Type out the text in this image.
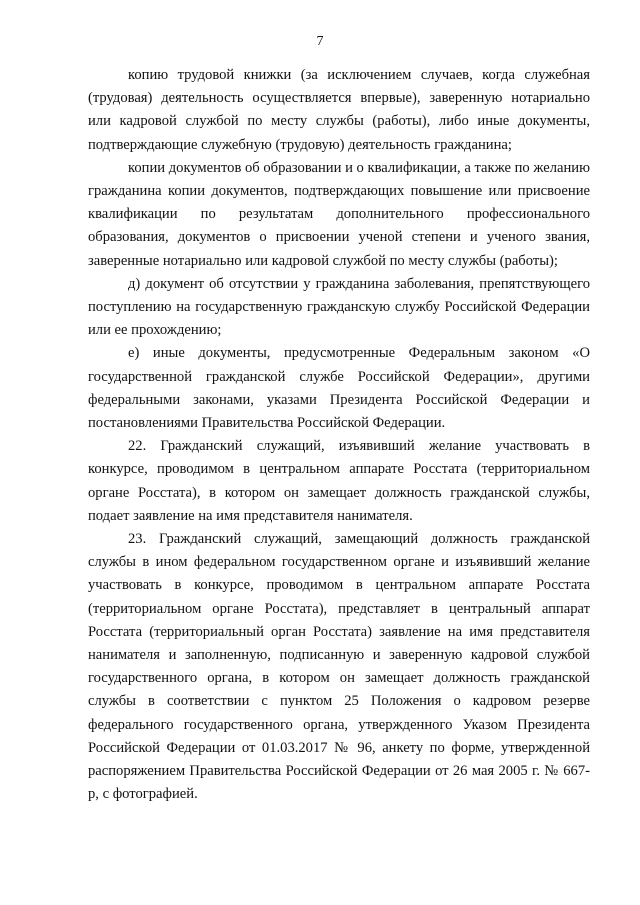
7

копию трудовой книжки (за исключением случаев, когда служебная (трудовая) деятельность осуществляется впервые), заверенную нотариально или кадровой службой по месту службы (работы), либо иные документы, подтверждающие служебную (трудовую) деятельность гражданина;

копии документов об образовании и о квалификации, а также по желанию гражданина копии документов, подтверждающих повышение или присвоение квалификации по результатам дополнительного профессионального образования, документов о присвоении ученой степени и ученого звания, заверенные нотариально или кадровой службой по месту службы (работы);

д) документ об отсутствии у гражданина заболевания, препятствующего поступлению на государственную гражданскую службу Российской Федерации или ее прохождению;

е) иные документы, предусмотренные Федеральным законом «О государственной гражданской службе Российской Федерации», другими федеральными законами, указами Президента Российской Федерации и постановлениями Правительства Российской Федерации.

22. Гражданский служащий, изъявивший желание участвовать в конкурсе, проводимом в центральном аппарате Росстата (территориальном органе Росстата), в котором он замещает должность гражданской службы, подает заявление на имя представителя нанимателя.

23. Гражданский служащий, замещающий должность гражданской службы в ином федеральном государственном органе и изъявивший желание участвовать в конкурсе, проводимом в центральном аппарате Росстата (территориальном органе Росстата), представляет в центральный аппарат Росстата (территориальный орган Росстата) заявление на имя представителя нанимателя и заполненную, подписанную и заверенную кадровой службой государственного органа, в котором он замещает должность гражданской службы в соответствии с пунктом 25 Положения о кадровом резерве федерального государственного органа, утвержденного Указом Президента Российской Федерации от 01.03.2017 № 96, анкету по форме, утвержденной распоряжением Правительства Российской Федерации от 26 мая 2005 г. № 667-р, с фотографией.
